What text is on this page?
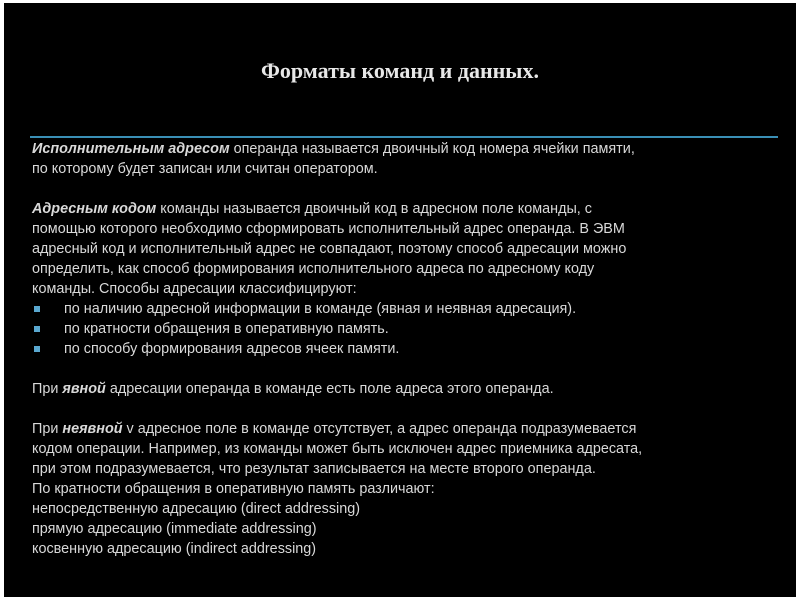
Форматы команд и данных.

Исполнительным адресом операнда называется двоичный код номера ячейки памяти,

по которому будет записан или считан оператором.

Адресным кодом команды называется двоичный код в адресном поле команды, с

помощью которого необходимо сформировать исполнительный адрес операнда. В ЭВМ

адресный код и исполнительный адрес не совпадают, поэтому способ адресации можно

определить, как способ формирования исполнительного адреса по адресному коду

команды. Способы адресации классифицируют:

по наличию адресной информации в команде (явная и неявная адресация).
по кратности обращения в оперативную память.
по способу формирования адресов ячеек памяти.

При явной адресации операнда в команде есть поле адреса этого операнда.

При неявной v адресное поле в команде отсутствует, а адрес операнда подразумевается

кодом операции. Например, из команды может быть исключен адрес приемника адресата,

при этом подразумевается, что результат записывается на месте второго операнда.

По кратности обращения в оперативную память различают:

непосредственную адресацию (direct addressing)

прямую адресацию (immediate addressing)

косвенную адресацию (indirect addressing)
